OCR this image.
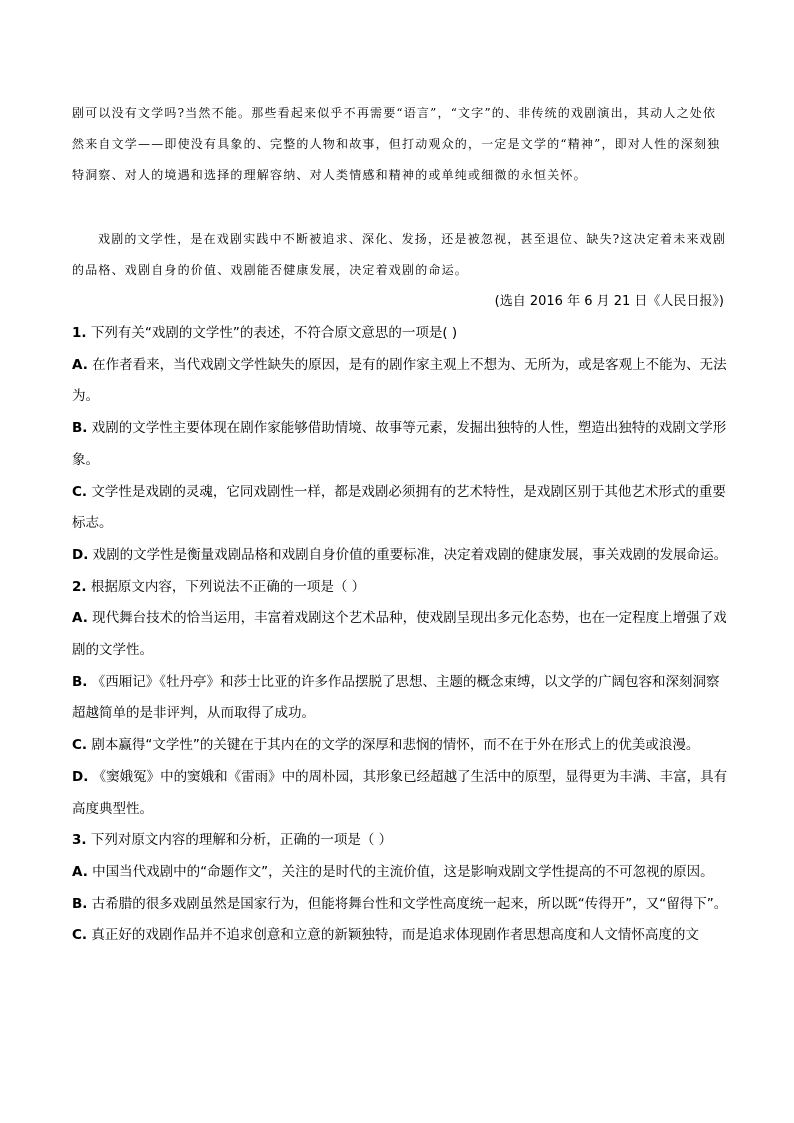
剧可以没有文学吗?当然不能。那些看起来似乎不再需要“语言”，“文字”的、非传统的戏剧演出，其动人之处依然来自文学——即使没有具象的、完整的人物和故事，但打动观众的，一定是文学的“精神”，即对人性的深刻独特洞察、对人的境遇和选择的理解容纳、对人类情感和精神的或单纯或细微的永恒关怀。
戏剧的文学性，是在戏剧实践中不断被追求、深化、发扬，还是被忽视，甚至退位、缺失?这决定着未来戏剧的品格、戏剧自身的价值、戏剧能否健康发展，决定着戏剧的命运。
(选自 2016 年 6 月 21 日《人民日报》)
1. 下列有关“戏剧的文学性”的表述，不符合原文意思的一项是( )
A. 在作者看来，当代戏剧文学性缺失的原因，是有的剧作家主观上不想为、无所为，或是客观上不能为、无法为。
B. 戏剧的文学性主要体现在剧作家能够借助情境、故事等元素，发掘出独特的人性，塑造出独特的戏剧文学形象。
C. 文学性是戏剧的灵魂，它同戏剧性一样，都是戏剧必须拥有的艺术特性，是戏剧区别于其他艺术形式的重要标志。
D. 戏剧的文学性是衡量戏剧品格和戏剧自身价值的重要标准，决定着戏剧的健康发展，事关戏剧的发展命运。
2. 根据原文内容，下列说法不正确的一项是（ ）
A. 现代舞台技术的恰当运用，丰富着戏剧这个艺术品种，使戏剧呈现出多元化态势，也在一定程度上增强了戏剧的文学性。
B. 《西厢记》《牡丹亭》和莎士比亚的许多作品摆脱了思想、主题的概念束缚，以文学的广阔包容和深刻洞察超越简单的是非评判，从而取得了成功。
C. 剧本赢得“文学性”的关键在于其内在的文学的深厚和悲悯的情怀，而不在于外在形式上的优美或浪漫。
D. 《窦娥冤》中的窦娥和《雷雨》中的周朴园，其形象已经超越了生活中的原型，显得更为丰满、丰富，具有高度典型性。
3. 下列对原文内容的理解和分析，正确的一项是（ ）
A. 中国当代戏剧中的“命题作文”，关注的是时代的主流价值，这是影响戏剧文学性提高的不可忽视的原因。
B. 古希腊的很多戏剧虽然是国家行为，但能将舞台性和文学性高度统一起来，所以既“传得开”，又“留得下”。
C. 真正好的戏剧作品并不追求创意和立意的新颖独特，而是追求体现剧作者思想高度和人文情怀高度的文
